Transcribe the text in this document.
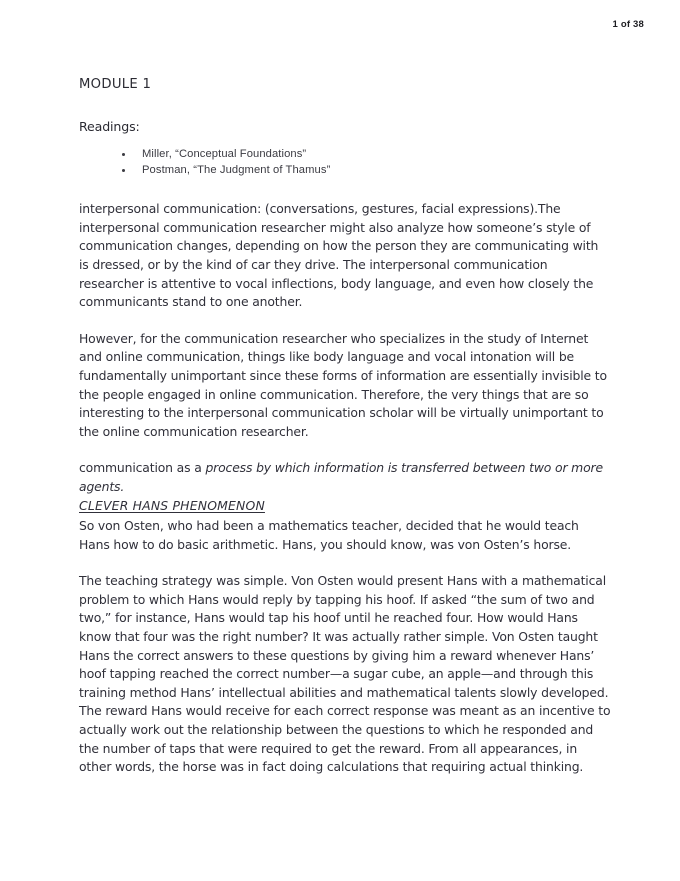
1 of 38
MODULE 1
Readings:
Miller, “Conceptual Foundations”
Postman, “The Judgment of Thamus”

interpersonal communication: (conversations, gestures, facial expressions).The interpersonal communication researcher might also analyze how someone’s style of communication changes, depending on how the person they are communicating with is dressed, or by the kind of car they drive. The interpersonal communication researcher is attentive to vocal inflections, body language, and even how closely the communicants stand to one another.

However, for the communication researcher who specializes in the study of Internet and online communication, things like body language and vocal intonation will be fundamentally unimportant since these forms of information are essentially invisible to the people engaged in online communication. Therefore, the very things that are so interesting to the interpersonal communication scholar will be virtually unimportant to the online communication researcher.

communication as a process by which information is transferred between two or more agents.

CLEVER HANS PHENOMENON

So von Osten, who had been a mathematics teacher, decided that he would teach Hans how to do basic arithmetic. Hans, you should know, was von Osten’s horse.

The teaching strategy was simple. Von Osten would present Hans with a mathematical problem to which Hans would reply by tapping his hoof. If asked “the sum of two and two,” for instance, Hans would tap his hoof until he reached four. How would Hans know that four was the right number? It was actually rather simple. Von Osten taught Hans the correct answers to these questions by giving him a reward whenever Hans’ hoof tapping reached the correct number—a sugar cube, an apple—and through this training method Hans’ intellectual abilities and mathematical talents slowly developed. The reward Hans would receive for each correct response was meant as an incentive to actually work out the relationship between the questions to which he responded and the number of taps that were required to get the reward. From all appearances, in other words, the horse was in fact doing calculations that requiring actual thinking.
